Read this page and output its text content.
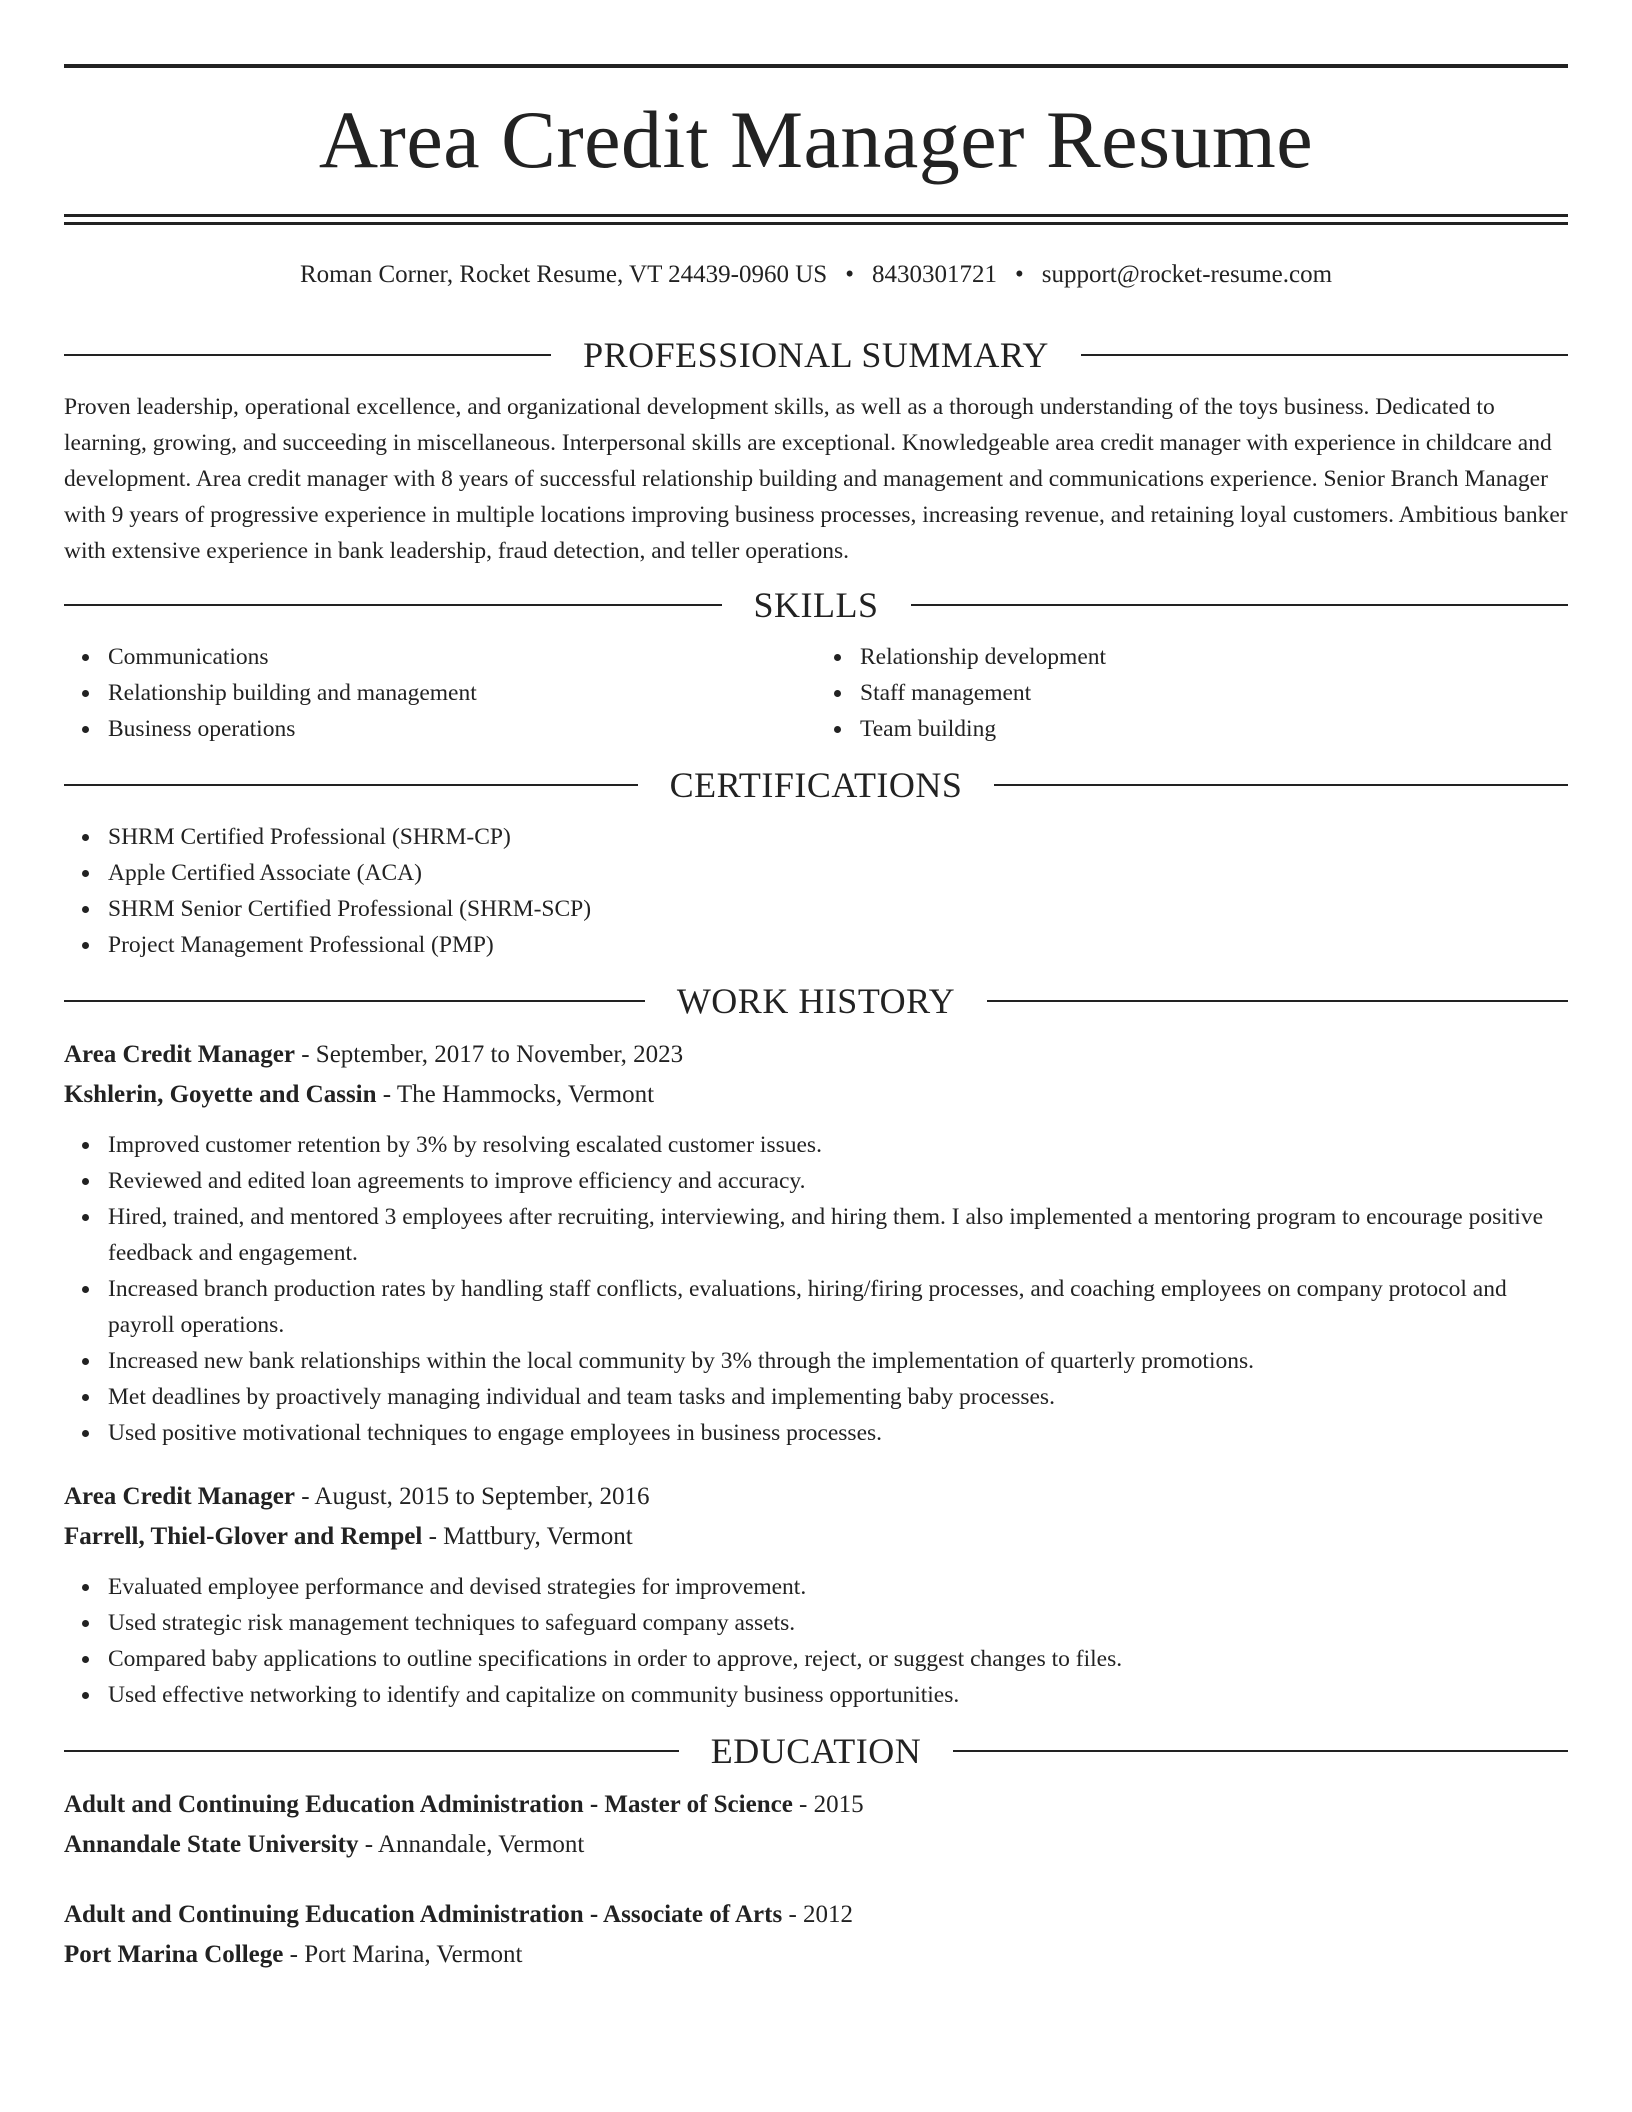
Area Credit Manager Resume
Roman Corner, Rocket Resume, VT 24439-0960 US • 8430301721 • support@rocket-resume.com
PROFESSIONAL SUMMARY

Proven leadership, operational excellence, and organizational development skills, as well as a thorough understanding of the toys business. Dedicated to learning, growing, and succeeding in miscellaneous. Interpersonal skills are exceptional. Knowledgeable area credit manager with experience in childcare and development. Area credit manager with 8 years of successful relationship building and management and communications experience. Senior Branch Manager with 9 years of progressive experience in multiple locations improving business processes, increasing revenue, and retaining loyal customers. Ambitious banker with extensive experience in bank leadership, fraud detection, and teller operations.

SKILLS
Communications
Relationship building and management
Business operations
Relationship development
Staff management
Team building
CERTIFICATIONS
SHRM Certified Professional (SHRM-CP)
Apple Certified Associate (ACA)
SHRM Senior Certified Professional (SHRM-SCP)
Project Management Professional (PMP)
WORK HISTORY
Area Credit Manager - September, 2017 to November, 2023
Kshlerin, Goyette and Cassin - The Hammocks, Vermont
Improved customer retention by 3% by resolving escalated customer issues.
Reviewed and edited loan agreements to improve efficiency and accuracy.
Hired, trained, and mentored 3 employees after recruiting, interviewing, and hiring them. I also implemented a mentoring program to encourage positive feedback and engagement.
Increased branch production rates by handling staff conflicts, evaluations, hiring/firing processes, and coaching employees on company protocol and payroll operations.
Increased new bank relationships within the local community by 3% through the implementation of quarterly promotions.
Met deadlines by proactively managing individual and team tasks and implementing baby processes.
Used positive motivational techniques to engage employees in business processes.
Area Credit Manager - August, 2015 to September, 2016
Farrell, Thiel-Glover and Rempel - Mattbury, Vermont
Evaluated employee performance and devised strategies for improvement.
Used strategic risk management techniques to safeguard company assets.
Compared baby applications to outline specifications in order to approve, reject, or suggest changes to files.
Used effective networking to identify and capitalize on community business opportunities.
EDUCATION
Adult and Continuing Education Administration - Master of Science - 2015
Annandale State University - Annandale, Vermont
Adult and Continuing Education Administration - Associate of Arts - 2012
Port Marina College - Port Marina, Vermont
